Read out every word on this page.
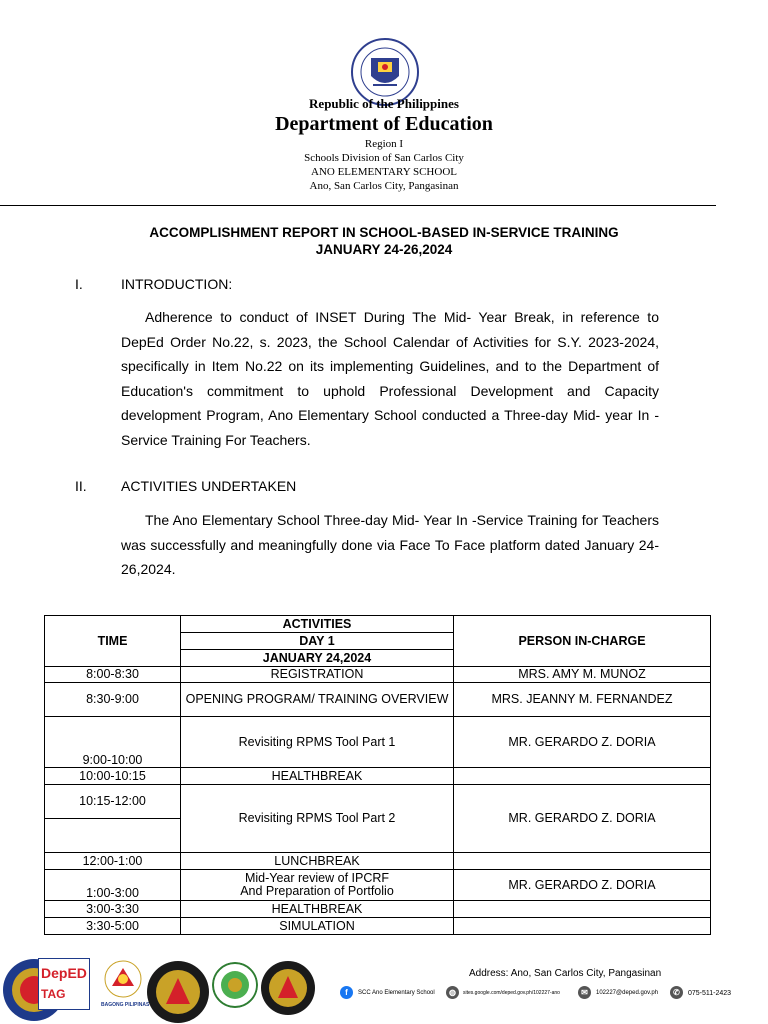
Republic of the Philippines
Department of Education
Region I
Schools Division of San Carlos City
ANO ELEMENTARY SCHOOL
Ano, San Carlos City, Pangasinan
ACCOMPLISHMENT REPORT IN SCHOOL-BASED IN-SERVICE TRAINING
JANUARY 24-26,2024
I.	INTRODUCTION:
Adherence to conduct of INSET During The Mid- Year Break, in reference to DepEd Order No.22, s. 2023, the School Calendar of Activities for S.Y. 2023-2024, specifically in Item No.22 on its implementing Guidelines, and to the Department of Education's commitment to uphold Professional Development and Capacity development Program, Ano Elementary School conducted a Three-day Mid- year In -Service Training For Teachers.
II. ACTIVITIES UNDERTAKEN
The Ano Elementary School Three-day Mid- Year In -Service Training for Teachers was successfully and meaningfully done via Face To Face platform dated January 24-26,2024.
TIME	ACTIVITIES	PERSON IN-CHARGE
	DAY 1	
	JANUARY 24,2024	
8:00-8:30	REGISTRATION	MRS. AMY M. MUNOZ
8:30-9:00	OPENING PROGRAM/ TRAINING OVERVIEW	MRS. JEANNY M. FERNANDEZ
9:00-10:00	Revisiting RPMS Tool Part 1	MR. GERARDO Z. DORIA
10:00-10:15	HEALTHBREAK	
10:15-12:00	Revisiting RPMS Tool Part 2	MR. GERARDO Z. DORIA

12:00-1:00	LUNCHBREAK	
1:00-3:00	Mid-Year review of IPCRF
And Preparation of Portfolio	MR. GERARDO Z. DORIA
3:00-3:30	HEALTHBREAK	
3:30-5:00	SIMULATION	
DepED
TAG
BAGONG PILIPINAS
Address: Ano, San Carlos City, Pangasinan
f	SCC Ano Elementary School	◍	sites.google.com/deped.gov.ph/102227-ano	✉	102227@deped.gov.ph	✆	075-511-2423
